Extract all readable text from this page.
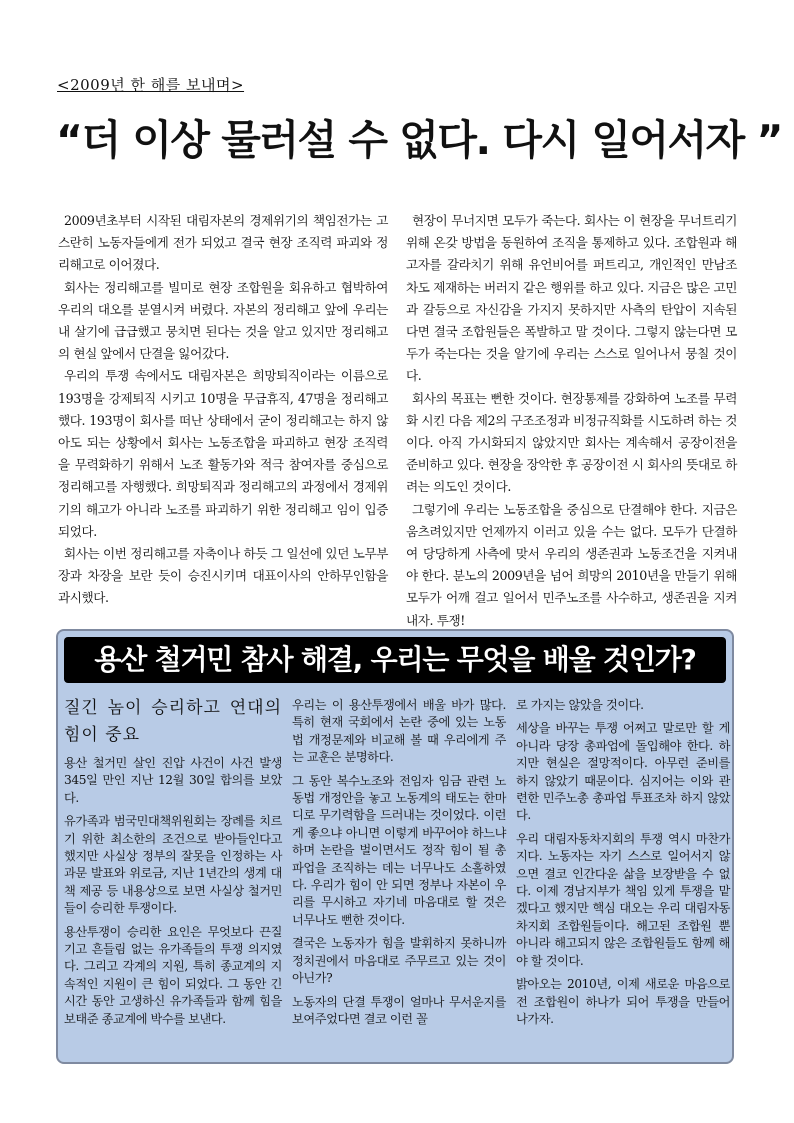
<2009년 한 해를 보내며>
“더 이상 물러설 수 없다. 다시 일어서자 ”

2009년초부터 시작된 대림자본의 경제위기의 책임전가는 고스란히 노동자들에게 전가 되었고 결국 현장 조직력 파괴와 정리해고로 이어졌다.

회사는 정리해고를 빌미로 현장 조합원을 회유하고 협박하여 우리의 대오를 분열시켜 버렸다. 자본의 정리해고 앞에 우리는 내 살기에 급급했고 뭉치면 된다는 것을 알고 있지만 정리해고의 현실 앞에서 단결을 잃어갔다.

우리의 투쟁 속에서도 대림자본은 희망퇴직이라는 이름으로 193명을 강제퇴직 시키고 10명을 무급휴직, 47명을 정리해고 했다. 193명이 회사를 떠난 상태에서 굳이 정리해고는 하지 않아도 되는 상황에서 회사는 노동조합을 파괴하고 현장 조직력을 무력화하기 위해서 노조 활동가와 적극 참여자를 중심으로 정리해고를 자행했다. 희망퇴직과 정리해고의 과정에서 경제위기의 해고가 아니라 노조를 파괴하기 위한 정리해고 임이 입증 되었다.

회사는 이번 정리해고를 자축이나 하듯 그 일선에 있던 노무부장과 차장을 보란 듯이 승진시키며 대표이사의 안하무인함을 과시했다.

현장이 무너지면 모두가 죽는다. 회사는 이 현장을 무너트리기 위해 온갖 방법을 동원하여 조직을 통제하고 있다. 조합원과 해고자를 갈라치기 위해 유언비어를 퍼트리고, 개인적인 만남조차도 제재하는 버러지 같은 행위를 하고 있다. 지금은 많은 고민과 갈등으로 자신감을 가지지 못하지만 사측의 탄압이 지속된다면 결국 조합원들은 폭발하고 말 것이다. 그렇지 않는다면 모두가 죽는다는 것을 알기에 우리는 스스로 일어나서 뭉칠 것이다.

회사의 목표는 뻔한 것이다. 현장통제를 강화하여 노조를 무력화 시킨 다음 제2의 구조조정과 비정규직화를 시도하려 하는 것이다. 아직 가시화되지 않았지만 회사는 계속해서 공장이전을 준비하고 있다. 현장을 장악한 후 공장이전 시 회사의 뜻대로 하려는 의도인 것이다.

그렇기에 우리는 노동조합을 중심으로 단결해야 한다. 지금은 움츠려있지만 언제까지 이러고 있을 수는 없다. 모두가 단결하여 당당하게 사측에 맞서 우리의 생존권과 노동조건을 지켜내야 한다. 분노의 2009년을 넘어 희망의 2010년을 만들기 위해 모두가 어깨 걸고 일어서 민주노조를 사수하고, 생존권을 지켜내자. 투쟁!

용산 철거민 참사 해결, 우리는 무엇을 배울 것인가?
질긴 놈이 승리하고 연대의 힘이 중요

용산 철거민 살인 진압 사건이 사건 발생 345일 만인 지난 12월 30일 합의를 보았다.

유가족과 범국민대책위원회는 장례를 치르기 위한 최소한의 조건으로 받아들인다고 했지만 사실상 정부의 잘못을 인정하는 사과문 발표와 위로금, 지난 1년간의 생계 대책 제공 등 내용상으로 보면 사실상 철거민들이 승리한 투쟁이다.

용산투쟁이 승리한 요인은 무엇보다 끈질기고 흔들림 없는 유가족들의 투쟁 의지였다. 그리고 각계의 지원, 특히 종교계의 지속적인 지원이 큰 힘이 되었다. 그 동안 긴 시간 동안 고생하신 유가족들과 함께 힘을 보태준 종교계에 박수를 보낸다.

우리는 이 용산투쟁에서 배울 바가 많다. 특히 현재 국회에서 논란 중에 있는 노동법 개정문제와 비교해 볼 때 우리에게 주는 교훈은 분명하다.

그 동안 복수노조와 전임자 임금 관련 노동법 개정안을 놓고 노동계의 태도는 한마디로 무기력함을 드러내는 것이었다. 이런 게 좋으냐 아니면 이렇게 바꾸어야 하느냐 하며 논란을 벌이면서도 정작 힘이 될 총파업을 조직하는 데는 너무나도 소홀하였다. 우리가 힘이 안 되면 정부나 자본이 우리를 무시하고 자기네 마음대로 할 것은 너무나도 뻔한 것이다.

결국은 노동자가 힘을 발휘하지 못하니까 정치권에서 마음대로 주무르고 있는 것이 아닌가?

노동자의 단결 투쟁이 얼마나 무서운지를 보여주었다면 결코 이런 꼴

로 가지는 않았을 것이다.

세상을 바꾸는 투쟁 어쩌고 말로만 할 게 아니라 당장 총파업에 돌입해야 한다. 하지만 현실은 절망적이다. 아무런 준비를 하지 않았기 때문이다. 심지어는 이와 관련한 민주노총 총파업 투표조차 하지 않았다.

우리 대림자동차지회의 투쟁 역시 마찬가지다. 노동자는 자기 스스로 일어서지 않으면 결코 인간다운 삶을 보장받을 수 없다. 이제 경남지부가 책임 있게 투쟁을 맡겠다고 했지만 핵심 대오는 우리 대림자동차지회 조합원들이다. 해고된 조합원 뿐 아니라 해고되지 않은 조합원들도 함께 해야 할 것이다.

밝아오는 2010년, 이제 새로운 마음으로 전 조합원이 하나가 되어 투쟁을 만들어 나가자.
